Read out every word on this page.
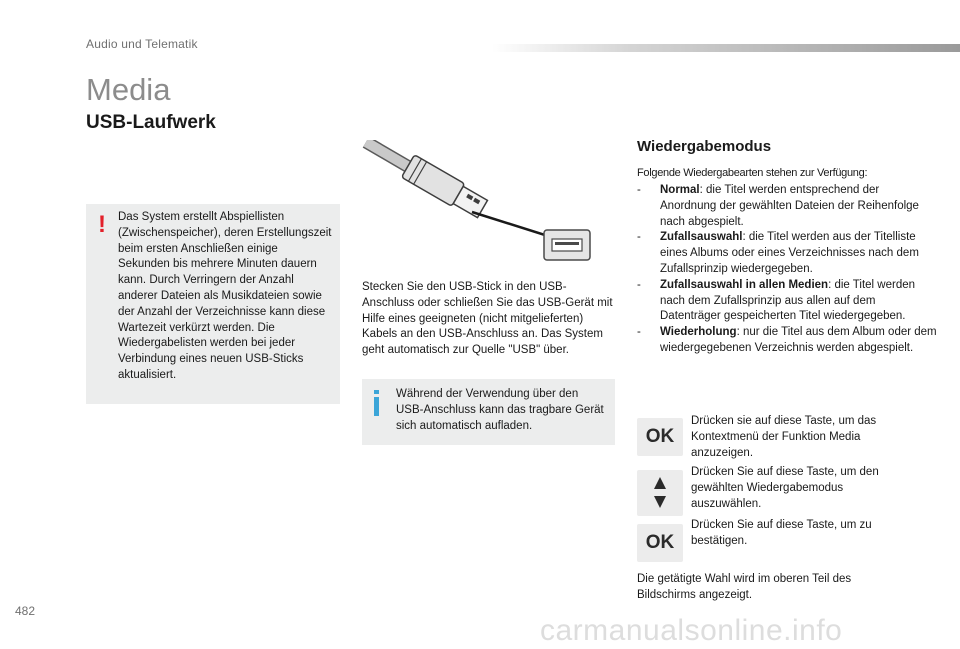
Audio und Telematik
Media
USB-Laufwerk
! Das System erstellt Abspiellisten (Zwischenspeicher), deren Erstellungszeit beim ersten Anschließen einige Sekunden bis mehrere Minuten dauern kann. Durch Verringern der Anzahl anderer Dateien als Musikdateien sowie der Anzahl der Verzeichnisse kann diese Wartezeit verkürzt werden. Die Wiedergabelisten werden bei jeder Verbindung eines neuen USB-Sticks aktualisiert.
Stecken Sie den USB-Stick in den USB-Anschluss oder schließen Sie das USB-Gerät mit Hilfe eines geeigneten (nicht mitgelieferten) Kabels an den USB-Anschluss an. Das System geht automatisch zur Quelle "USB" über.
Während der Verwendung über den USB-Anschluss kann das tragbare Gerät sich automatisch aufladen.
Wiedergabemodus
Folgende Wiedergabearten stehen zur Verfügung:
- Normal: die Titel werden entsprechend der Anordnung der gewählten Dateien der Reihenfolge nach abgespielt.
- Zufallsauswahl: die Titel werden aus der Titelliste eines Albums oder eines Verzeichnisses nach dem Zufallsprinzip wiedergegeben.
- Zufallsauswahl in allen Medien: die Titel werden nach dem Zufallsprinzip aus allen auf dem Datenträger gespeicherten Titel wiedergegeben.
- Wiederholung: nur die Titel aus dem Album oder dem wiedergegebenen Verzeichnis werden abgespielt.
OK
Drücken sie auf diese Taste, um das Kontextmenü der Funktion Media anzuzeigen.
Drücken Sie auf diese Taste, um den gewählten Wiedergabemodus auszuwählen.
OK
Drücken Sie auf diese Taste, um zu bestätigen.
Die getätigte Wahl wird im oberen Teil des Bildschirms angezeigt.
482
carmanualsonline.info
